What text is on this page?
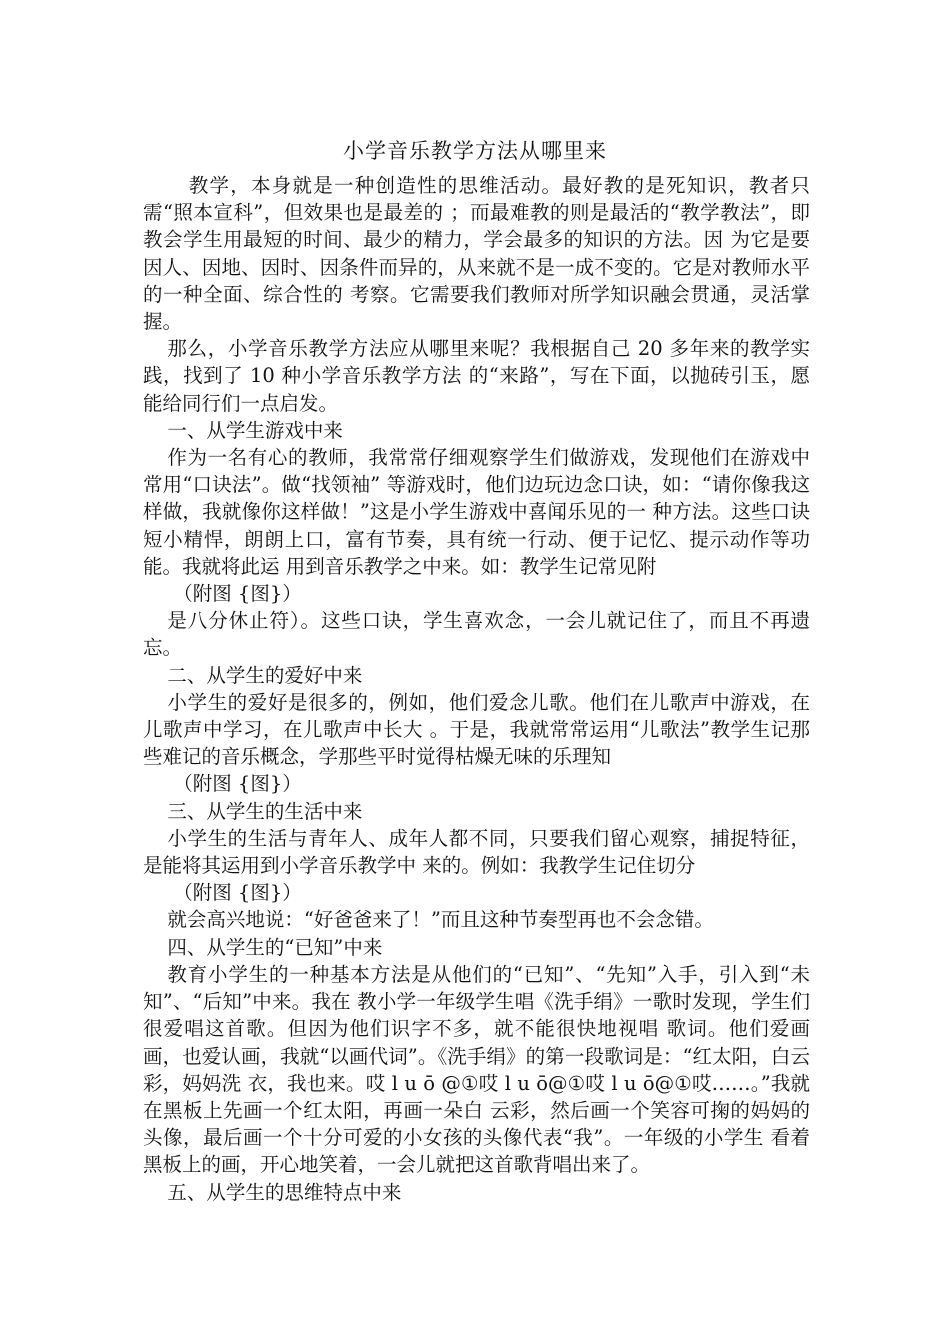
小学音乐教学方法从哪里来

教学，本身就是一种创造性的思维活动。最好教的是死知识，教者只需“照本宣科”，但效果也是最差的 ；而最难教的则是最活的“教学教法”，即教会学生用最短的时间、最少的精力，学会最多的知识的方法。因 为它是要因人、因地、因时、因条件而异的，从来就不是一成不变的。它是对教师水平的一种全面、综合性的 考察。它需要我们教师对所学知识融会贯通，灵活掌握。

那么，小学音乐教学方法应从哪里来呢？我根据自己 20 多年来的教学实践，找到了 10 种小学音乐教学方法 的“来路”，写在下面，以抛砖引玉，愿能给同行们一点启发。

一、从学生游戏中来

作为一名有心的教师，我常常仔细观察学生们做游戏，发现他们在游戏中常用“口诀法”。做“找领袖” 等游戏时，他们边玩边念口诀，如：“请你像我这样做，我就像你这样做！”这是小学生游戏中喜闻乐见的一 种方法。这些口诀短小精悍，朗朗上口，富有节奏，具有统一行动、便于记忆、提示动作等功能。我就将此运 用到音乐教学之中来。如：教学生记常见附

（附图 {图}）

是八分休止符）。这些口诀，学生喜欢念，一会儿就记住了，而且不再遗忘。

二、从学生的爱好中来

小学生的爱好是很多的，例如，他们爱念儿歌。他们在儿歌声中游戏，在儿歌声中学习，在儿歌声中长大 。于是，我就常常运用“儿歌法”教学生记那些难记的音乐概念，学那些平时觉得枯燥无味的乐理知

（附图 {图}）

三、从学生的生活中来

小学生的生活与青年人、成年人都不同，只要我们留心观察，捕捉特征，是能将其运用到小学音乐教学中 来的。例如：我教学生记住切分

（附图 {图}）

就会高兴地说：“好爸爸来了！”而且这种节奏型再也不会念错。

四、从学生的“已知”中来

教育小学生的一种基本方法是从他们的“已知”、“先知”入手，引入到“未知”、“后知”中来。我在 教小学一年级学生唱《洗手绢》一歌时发现，学生们很爱唱这首歌。但因为他们识字不多，就不能很快地视唱 歌词。他们爱画画，也爱认画，我就“以画代词”。《洗手绢》的第一段歌词是：“红太阳，白云彩，妈妈洗 衣，我也来。哎 l u ō @①哎 l u ō@①哎 l u ō@①哎……。”我就在黑板上先画一个红太阳，再画一朵白 云彩，然后画一个笑容可掬的妈妈的头像，最后画一个十分可爱的小女孩的头像代表“我”。一年级的小学生 看着黑板上的画，开心地笑着，一会儿就把这首歌背唱出来了。

五、从学生的思维特点中来
